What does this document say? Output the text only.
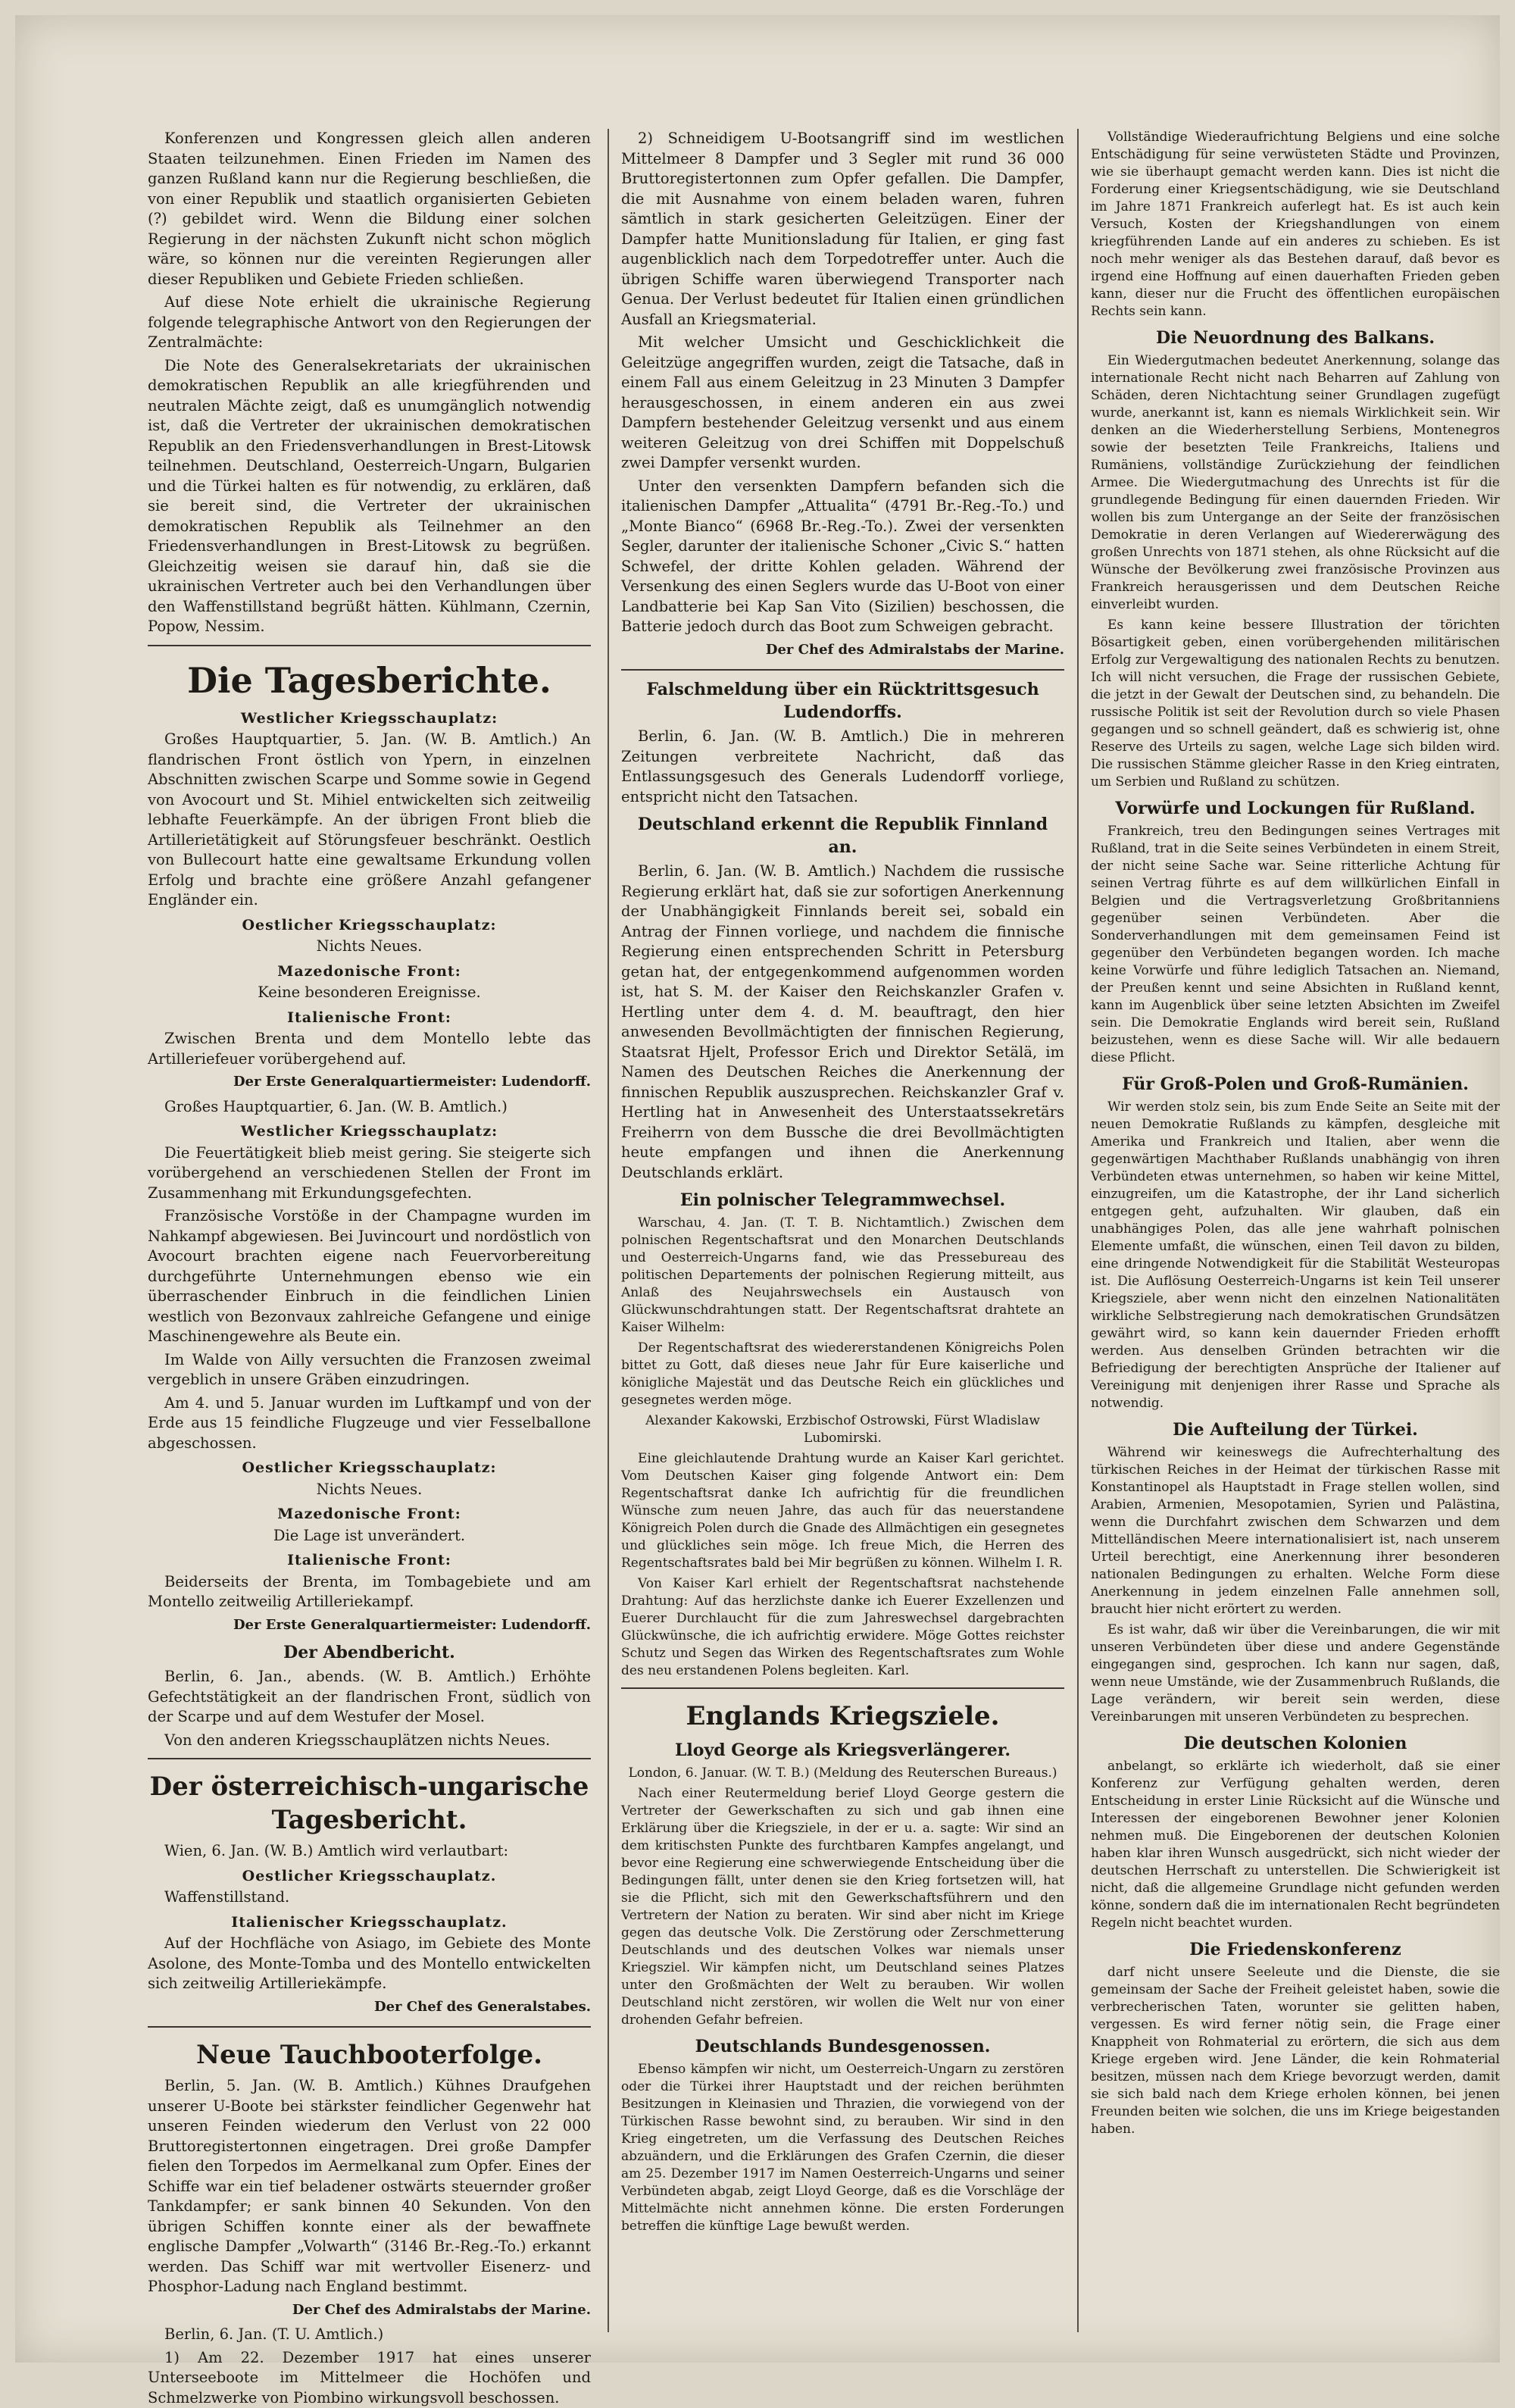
Konferenzen und Kongressen gleich allen anderen Staaten teilzunehmen. Einen Frieden im Namen des ganzen Rußland kann nur die Regierung beschließen, die von einer Republik und staatlich organisierten Gebieten (?) gebildet wird. Wenn die Bildung einer solchen Regierung in der nächsten Zukunft nicht schon möglich wäre, so können nur die vereinten Regierungen aller dieser Republiken und Gebiete Frieden schließen.

Auf diese Note erhielt die ukrainische Regierung folgende telegraphische Antwort von den Regierungen der Zentralmächte:

Die Note des Generalsekretariats der ukrainischen demokratischen Republik an alle kriegführenden und neutralen Mächte zeigt, daß es unumgänglich notwendig ist, daß die Vertreter der ukrainischen demokratischen Republik an den Friedensverhandlungen in Brest-Litowsk teilnehmen. Deutschland, Oesterreich-Ungarn, Bulgarien und die Türkei halten es für notwendig, zu erklären, daß sie bereit sind, die Vertreter der ukrainischen demokratischen Republik als Teilnehmer an den Friedensverhandlungen in Brest-Litowsk zu begrüßen. Gleichzeitig weisen sie darauf hin, daß sie die ukrainischen Vertreter auch bei den Verhandlungen über den Waffenstillstand begrüßt hätten. Kühlmann, Czernin, Popow, Nessim.

Die Tagesberichte.
Westlicher Kriegsschauplatz:

Großes Hauptquartier, 5. Jan. (W. B. Amtlich.) An flandrischen Front östlich von Ypern, in einzelnen Abschnitten zwischen Scarpe und Somme sowie in Gegend von Avocourt und St. Mihiel entwickelten sich zeitweilig lebhafte Feuerkämpfe. An der übrigen Front blieb die Artillerietätigkeit auf Störungsfeuer beschränkt. Oestlich von Bullecourt hatte eine gewaltsame Erkundung vollen Erfolg und brachte eine größere Anzahl gefangener Engländer ein.

Oestlicher Kriegsschauplatz:

Nichts Neues.

Mazedonische Front:

Keine besonderen Ereignisse.

Italienische Front:

Zwischen Brenta und dem Montello lebte das Artilleriefeuer vorübergehend auf.

Der Erste Generalquartiermeister: Ludendorff.

Großes Hauptquartier, 6. Jan. (W. B. Amtlich.)

Westlicher Kriegsschauplatz:

Die Feuertätigkeit blieb meist gering. Sie steigerte sich vorübergehend an verschiedenen Stellen der Front im Zusammenhang mit Erkundungsgefechten.

Französische Vorstöße in der Champagne wurden im Nahkampf abgewiesen. Bei Juvincourt und nordöstlich von Avocourt brachten eigene nach Feuervorbereitung durchgeführte Unternehmungen ebenso wie ein überraschender Einbruch in die feindlichen Linien westlich von Bezonvaux zahlreiche Gefangene und einige Maschinengewehre als Beute ein.

Im Walde von Ailly versuchten die Franzosen zweimal vergeblich in unsere Gräben einzudringen.

Am 4. und 5. Januar wurden im Luftkampf und von der Erde aus 15 feindliche Flugzeuge und vier Fesselballone abgeschossen.

Oestlicher Kriegsschauplatz:

Nichts Neues.

Mazedonische Front:

Die Lage ist unverändert.

Italienische Front:

Beiderseits der Brenta, im Tombagebiete und am Montello zeitweilig Artilleriekampf.

Der Erste Generalquartiermeister: Ludendorff.
Der Abendbericht.

Berlin, 6. Jan., abends. (W. B. Amtlich.) Erhöhte Gefechtstätigkeit an der flandrischen Front, südlich von der Scarpe und auf dem Westufer der Mosel.

Von den anderen Kriegsschauplätzen nichts Neues.

Der österreichisch-ungarische Tagesbericht.

Wien, 6. Jan. (W. B.) Amtlich wird verlautbart:

Oestlicher Kriegsschauplatz.

Waffenstillstand.

Italienischer Kriegsschauplatz.

Auf der Hochfläche von Asiago, im Gebiete des Monte Asolone, des Monte-Tomba und des Montello entwickelten sich zeitweilig Artilleriekämpfe.

Der Chef des Generalstabes.
Neue Tauchbooterfolge.

Berlin, 5. Jan. (W. B. Amtlich.) Kühnes Draufgehen unserer U-Boote bei stärkster feindlicher Gegenwehr hat unseren Feinden wiederum den Verlust von 22 000 Bruttoregistertonnen eingetragen. Drei große Dampfer fielen den Torpedos im Aermelkanal zum Opfer. Eines der Schiffe war ein tief beladener ostwärts steuernder großer Tankdampfer; er sank binnen 40 Sekunden. Von den übrigen Schiffen konnte einer als der bewaffnete englische Dampfer „Volwarth“ (3146 Br.-Reg.-To.) erkannt werden. Das Schiff war mit wertvoller Eisenerz- und Phosphor-Ladung nach England bestimmt.

Der Chef des Admiralstabs der Marine.

Berlin, 6. Jan. (T. U. Amtlich.)

1) Am 22. Dezember 1917 hat eines unserer Unterseeboote im Mittelmeer die Hochöfen und Schmelzwerke von Piombino wirkungsvoll beschossen.

2) Schneidigem U-Bootsangriff sind im westlichen Mittelmeer 8 Dampfer und 3 Segler mit rund 36 000 Bruttoregistertonnen zum Opfer gefallen. Die Dampfer, die mit Ausnahme von einem beladen waren, fuhren sämtlich in stark gesicherten Geleitzügen. Einer der Dampfer hatte Munitionsladung für Italien, er ging fast augenblicklich nach dem Torpedotreffer unter. Auch die übrigen Schiffe waren überwiegend Transporter nach Genua. Der Verlust bedeutet für Italien einen gründlichen Ausfall an Kriegsmaterial.

Mit welcher Umsicht und Geschicklichkeit die Geleitzüge angegriffen wurden, zeigt die Tatsache, daß in einem Fall aus einem Geleitzug in 23 Minuten 3 Dampfer herausgeschossen, in einem anderen ein aus zwei Dampfern bestehender Geleitzug versenkt und aus einem weiteren Geleitzug von drei Schiffen mit Doppelschuß zwei Dampfer versenkt wurden.

Unter den versenkten Dampfern befanden sich die italienischen Dampfer „Attualita“ (4791 Br.-Reg.-To.) und „Monte Bianco“ (6968 Br.-Reg.-To.). Zwei der versenkten Segler, darunter der italienische Schoner „Civic S.“ hatten Schwefel, der dritte Kohlen geladen. Während der Versenkung des einen Seglers wurde das U-Boot von einer Landbatterie bei Kap San Vito (Sizilien) beschossen, die Batterie jedoch durch das Boot zum Schweigen gebracht.

Der Chef des Admiralstabs der Marine.
Falschmeldung über ein Rücktrittsgesuch Ludendorffs.

Berlin, 6. Jan. (W. B. Amtlich.) Die in mehreren Zeitungen verbreitete Nachricht, daß das Entlassungsgesuch des Generals Ludendorff vorliege, entspricht nicht den Tatsachen.

Deutschland erkennt die Republik Finnland an.

Berlin, 6. Jan. (W. B. Amtlich.) Nachdem die russische Regierung erklärt hat, daß sie zur sofortigen Anerkennung der Unabhängigkeit Finnlands bereit sei, sobald ein Antrag der Finnen vorliege, und nachdem die finnische Regierung einen entsprechenden Schritt in Petersburg getan hat, der entgegenkommend aufgenommen worden ist, hat S. M. der Kaiser den Reichskanzler Grafen v. Hertling unter dem 4. d. M. beauftragt, den hier anwesenden Bevollmächtigten der finnischen Regierung, Staatsrat Hjelt, Professor Erich und Direktor Setälä, im Namen des Deutschen Reiches die Anerkennung der finnischen Republik auszusprechen. Reichskanzler Graf v. Hertling hat in Anwesenheit des Unterstaatssekretärs Freiherrn von dem Bussche die drei Bevollmächtigten heute empfangen und ihnen die Anerkennung Deutschlands erklärt.

Ein polnischer Telegrammwechsel.

Warschau, 4. Jan. (T. T. B. Nichtamtlich.) Zwischen dem polnischen Regentschaftsrat und den Monarchen Deutschlands und Oesterreich-Ungarns fand, wie das Pressebureau des politischen Departements der polnischen Regierung mitteilt, aus Anlaß des Neujahrswechsels ein Austausch von Glückwunschdrahtungen statt. Der Regentschaftsrat drahtete an Kaiser Wilhelm:

Der Regentschaftsrat des wiedererstandenen Königreichs Polen bittet zu Gott, daß dieses neue Jahr für Eure kaiserliche und königliche Majestät und das Deutsche Reich ein glückliches und gesegnetes werden möge.

Alexander Kakowski, Erzbischof Ostrowski, Fürst Wladislaw Lubomirski.

Eine gleichlautende Drahtung wurde an Kaiser Karl gerichtet. Vom Deutschen Kaiser ging folgende Antwort ein: Dem Regentschaftsrat danke Ich aufrichtig für die freundlichen Wünsche zum neuen Jahre, das auch für das neuerstandene Königreich Polen durch die Gnade des Allmächtigen ein gesegnetes und glückliches sein möge. Ich freue Mich, die Herren des Regentschaftsrates bald bei Mir begrüßen zu können. Wilhelm I. R.

Von Kaiser Karl erhielt der Regentschaftsrat nachstehende Drahtung: Auf das herzlichste danke ich Euerer Exzellenzen und Euerer Durchlaucht für die zum Jahreswechsel dargebrachten Glückwünsche, die ich aufrichtig erwidere. Möge Gottes reichster Schutz und Segen das Wirken des Regentschaftsrates zum Wohle des neu erstandenen Polens begleiten. Karl.

Englands Kriegsziele.
Lloyd George als Kriegsverlängerer.

London, 6. Januar. (W. T. B.) (Meldung des Reuterschen Bureaus.)

Nach einer Reutermeldung berief Lloyd George gestern die Vertreter der Gewerkschaften zu sich und gab ihnen eine Erklärung über die Kriegsziele, in der er u. a. sagte: Wir sind an dem kritischsten Punkte des furchtbaren Kampfes angelangt, und bevor eine Regierung eine schwerwiegende Entscheidung über die Bedingungen fällt, unter denen sie den Krieg fortsetzen will, hat sie die Pflicht, sich mit den Gewerkschaftsführern und den Vertretern der Nation zu beraten. Wir sind aber nicht im Kriege gegen das deutsche Volk. Die Zerstörung oder Zerschmetterung Deutschlands und des deutschen Volkes war niemals unser Kriegsziel. Wir kämpfen nicht, um Deutschland seines Platzes unter den Großmächten der Welt zu berauben. Wir wollen Deutschland nicht zerstören, wir wollen die Welt nur von einer drohenden Gefahr befreien.

Deutschlands Bundesgenossen.

Ebenso kämpfen wir nicht, um Oesterreich-Ungarn zu zerstören oder die Türkei ihrer Hauptstadt und der reichen berühmten Besitzungen in Kleinasien und Thrazien, die vorwiegend von der Türkischen Rasse bewohnt sind, zu berauben. Wir sind in den Krieg eingetreten, um die Verfassung des Deutschen Reiches abzuändern, und die Erklärungen des Grafen Czernin, die dieser am 25. Dezember 1917 im Namen Oesterreich-Ungarns und seiner Verbündeten abgab, zeigt Lloyd George, daß es die Vorschläge der Mittelmächte nicht annehmen könne. Die ersten Forderungen betreffen die künftige Lage bewußt werden.

Vollständige Wiederaufrichtung Belgiens und eine solche Entschädigung für seine verwüsteten Städte und Provinzen, wie sie überhaupt gemacht werden kann. Dies ist nicht die Forderung einer Kriegsentschädigung, wie sie Deutschland im Jahre 1871 Frankreich auferlegt hat. Es ist auch kein Versuch, Kosten der Kriegshandlungen von einem kriegführenden Lande auf ein anderes zu schieben. Es ist noch mehr weniger als das Bestehen darauf, daß bevor es irgend eine Hoffnung auf einen dauerhaften Frieden geben kann, dieser nur die Frucht des öffentlichen europäischen Rechts sein kann.

Die Neuordnung des Balkans.

Ein Wiedergutmachen bedeutet Anerkennung, solange das internationale Recht nicht nach Beharren auf Zahlung von Schäden, deren Nichtachtung seiner Grundlagen zugefügt wurde, anerkannt ist, kann es niemals Wirklichkeit sein. Wir denken an die Wiederherstellung Serbiens, Montenegros sowie der besetzten Teile Frankreichs, Italiens und Rumäniens, vollständige Zurückziehung der feindlichen Armee. Die Wiedergutmachung des Unrechts ist für die grundlegende Bedingung für einen dauernden Frieden. Wir wollen bis zum Untergange an der Seite der französischen Demokratie in deren Verlangen auf Wiedererwägung des großen Unrechts von 1871 stehen, als ohne Rücksicht auf die Wünsche der Bevölkerung zwei französische Provinzen aus Frankreich herausgerissen und dem Deutschen Reiche einverleibt wurden.

Es kann keine bessere Illustration der törichten Bösartigkeit geben, einen vorübergehenden militärischen Erfolg zur Vergewaltigung des nationalen Rechts zu benutzen. Ich will nicht versuchen, die Frage der russischen Gebiete, die jetzt in der Gewalt der Deutschen sind, zu behandeln. Die russische Politik ist seit der Revolution durch so viele Phasen gegangen und so schnell geändert, daß es schwierig ist, ohne Reserve des Urteils zu sagen, welche Lage sich bilden wird. Die russischen Stämme gleicher Rasse in den Krieg eintraten, um Serbien und Rußland zu schützen.

Vorwürfe und Lockungen für Rußland.

Frankreich, treu den Bedingungen seines Vertrages mit Rußland, trat in die Seite seines Verbündeten in einem Streit, der nicht seine Sache war. Seine ritterliche Achtung für seinen Vertrag führte es auf dem willkürlichen Einfall in Belgien und die Vertragsverletzung Großbritanniens gegenüber seinen Verbündeten. Aber die Sonderverhandlungen mit dem gemeinsamen Feind ist gegenüber den Verbündeten begangen worden. Ich mache keine Vorwürfe und führe lediglich Tatsachen an. Niemand, der Preußen kennt und seine Absichten in Rußland kennt, kann im Augenblick über seine letzten Absichten im Zweifel sein. Die Demokratie Englands wird bereit sein, Rußland beizustehen, wenn es diese Sache will. Wir alle bedauern diese Pflicht.

Für Groß-Polen und Groß-Rumänien.

Wir werden stolz sein, bis zum Ende Seite an Seite mit der neuen Demokratie Rußlands zu kämpfen, desgleiche mit Amerika und Frankreich und Italien, aber wenn die gegenwärtigen Machthaber Rußlands unabhängig von ihren Verbündeten etwas unternehmen, so haben wir keine Mittel, einzugreifen, um die Katastrophe, der ihr Land sicherlich entgegen geht, aufzuhalten. Wir glauben, daß ein unabhängiges Polen, das alle jene wahrhaft polnischen Elemente umfaßt, die wünschen, einen Teil davon zu bilden, eine dringende Notwendigkeit für die Stabilität Westeuropas ist. Die Auflösung Oesterreich-Ungarns ist kein Teil unserer Kriegsziele, aber wenn nicht den einzelnen Nationalitäten wirkliche Selbstregierung nach demokratischen Grundsätzen gewährt wird, so kann kein dauernder Frieden erhofft werden. Aus denselben Gründen betrachten wir die Befriedigung der berechtigten Ansprüche der Italiener auf Vereinigung mit denjenigen ihrer Rasse und Sprache als notwendig.

Die Aufteilung der Türkei.

Während wir keineswegs die Aufrechterhaltung des türkischen Reiches in der Heimat der türkischen Rasse mit Konstantinopel als Hauptstadt in Frage stellen wollen, sind Arabien, Armenien, Mesopotamien, Syrien und Palästina, wenn die Durchfahrt zwischen dem Schwarzen und dem Mittelländischen Meere internationalisiert ist, nach unserem Urteil berechtigt, eine Anerkennung ihrer besonderen nationalen Bedingungen zu erhalten. Welche Form diese Anerkennung in jedem einzelnen Falle annehmen soll, braucht hier nicht erörtert zu werden.

Es ist wahr, daß wir über die Vereinbarungen, die wir mit unseren Verbündeten über diese und andere Gegenstände eingegangen sind, gesprochen. Ich kann nur sagen, daß, wenn neue Umstände, wie der Zusammenbruch Rußlands, die Lage verändern, wir bereit sein werden, diese Vereinbarungen mit unseren Verbündeten zu besprechen.

Die deutschen Kolonien

anbelangt, so erklärte ich wiederholt, daß sie einer Konferenz zur Verfügung gehalten werden, deren Entscheidung in erster Linie Rücksicht auf die Wünsche und Interessen der eingeborenen Bewohner jener Kolonien nehmen muß. Die Eingeborenen der deutschen Kolonien haben klar ihren Wunsch ausgedrückt, sich nicht wieder der deutschen Herrschaft zu unterstellen. Die Schwierigkeit ist nicht, daß die allgemeine Grundlage nicht gefunden werden könne, sondern daß die im internationalen Recht begründeten Regeln nicht beachtet wurden.

Die Friedenskonferenz

darf nicht unsere Seeleute und die Dienste, die sie gemeinsam der Sache der Freiheit geleistet haben, sowie die verbrecherischen Taten, worunter sie gelitten haben, vergessen. Es wird ferner nötig sein, die Frage einer Knappheit von Rohmaterial zu erörtern, die sich aus dem Kriege ergeben wird. Jene Länder, die kein Rohmaterial besitzen, müssen nach dem Kriege bevorzugt werden, damit sie sich bald nach dem Kriege erholen können, bei jenen Freunden beiten wie solchen, die uns im Kriege beigestanden haben.
